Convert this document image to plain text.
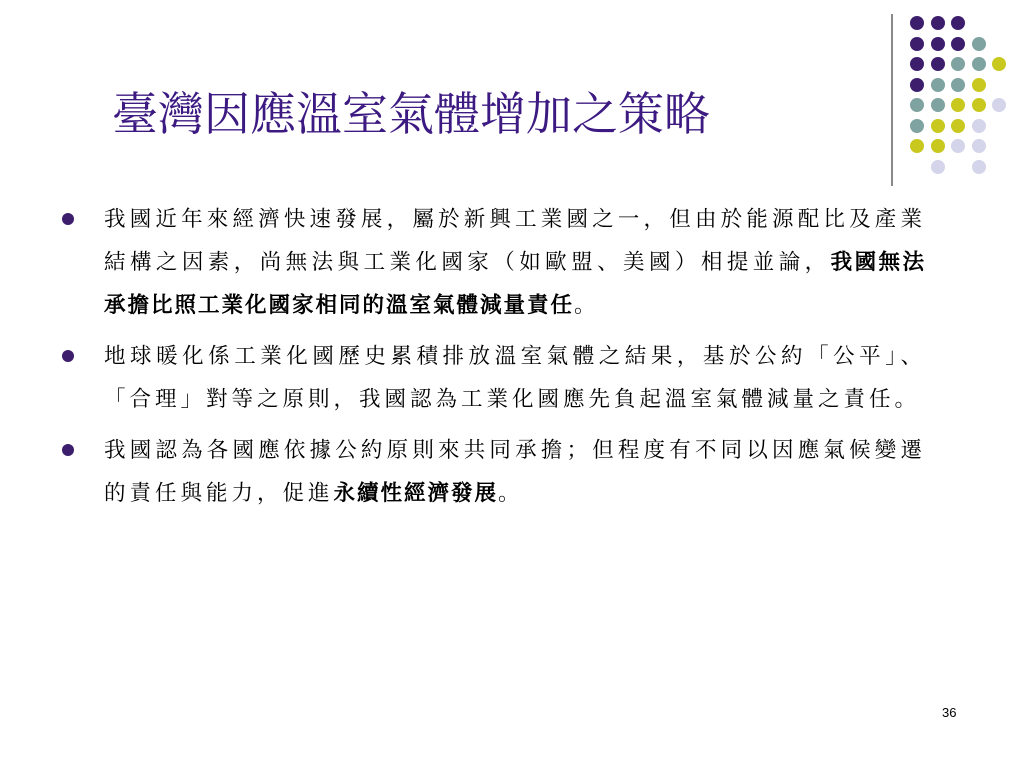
臺灣因應溫室氣體增加之策略
我國近年來經濟快速發展，屬於新興工業國之一，但由於能源配比及產業結構之因素，尚無法與工業化國家（如歐盟、美國）相提並論，我國無法承擔比照工業化國家相同的溫室氣體減量責任。
地球暖化係工業化國歷史累積排放溫室氣體之結果，基於公約「公平」、「合理」對等之原則，我國認為工業化國應先負起溫室氣體減量之責任。
我國認為各國應依據公約原則來共同承擔；但程度有不同以因應氣候變遷的責任與能力，促進永續性經濟發展。
36
